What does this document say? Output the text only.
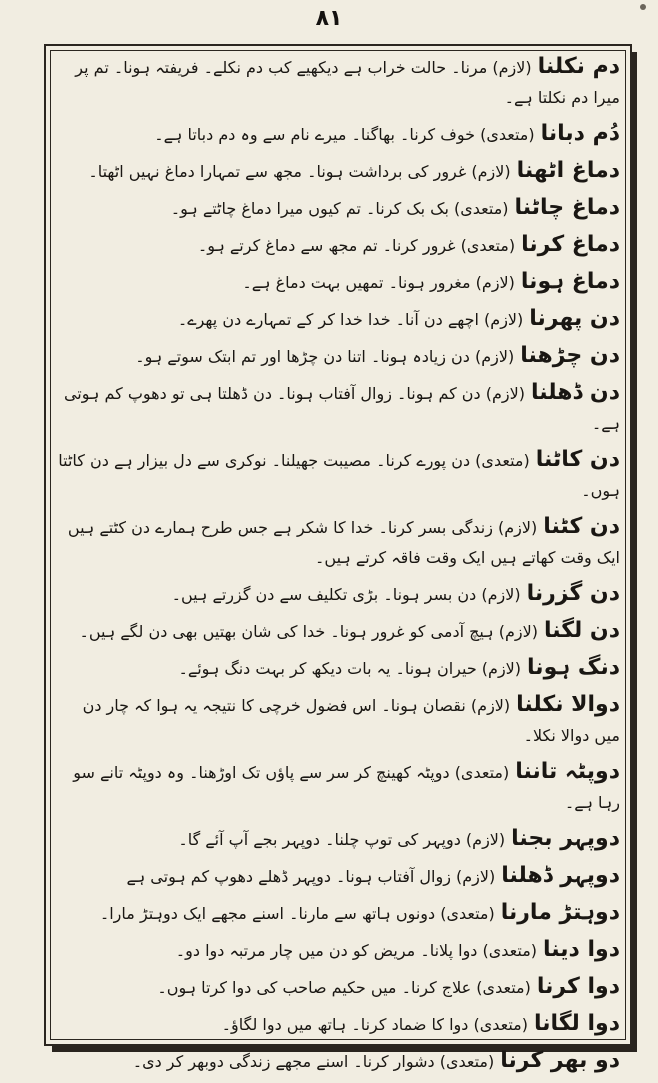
۸۱

دم نکلنا(لازم) مرنا۔ حالت خراب ہے دیکھیے کب دم نکلے۔ فریفتہ ہونا۔ تم پر میرا دم نکلتا ہے۔

دُم دبانا(متعدی) خوف کرنا۔ بھاگنا۔ میرے نام سے وہ دم دباتا ہے۔

دماغ اٹھنا(لازم) غرور کی برداشت ہونا۔ مجھ سے تمہارا دماغ نہیں اٹھتا۔

دماغ چاٹنا(متعدی) بک بک کرنا۔ تم کیوں میرا دماغ چاٹتے ہو۔

دماغ کرنا(متعدی) غرور کرنا۔ تم مجھ سے دماغ کرتے ہو۔

دماغ ہونا(لازم) مغرور ہونا۔ تمھیں بہت دماغ ہے۔

دن پھرنا(لازم) اچھے دن آنا۔ خدا خدا کر کے تمہارے دن پھرے۔

دن چڑھنا(لازم) دن زیادہ ہونا۔ اتنا دن چڑھا اور تم ابتک سوتے ہو۔

دن ڈھلنا(لازم) دن کم ہونا۔ زوال آفتاب ہونا۔ دن ڈھلتا ہی تو دھوپ کم ہوتی ہے۔

دن کاٹنا(متعدی) دن پورے کرنا۔ مصیبت جھیلنا۔ نوکری سے دل بیزار ہے دن کاٹتا ہوں۔

دن کٹنا(لازم) زندگی بسر کرنا۔ خدا کا شکر ہے جس طرح ہمارے دن کٹتے ہیں ایک وقت کھاتے ہیں ایک وقت فاقہ کرتے ہیں۔

دن گزرنا(لازم) دن بسر ہونا۔ بڑی تکلیف سے دن گزرتے ہیں۔

دن لگنا(لازم) ہیچ آدمی کو غرور ہونا۔ خدا کی شان بھتیں بھی دن لگے ہیں۔

دنگ ہونا(لازم) حیران ہونا۔ یہ بات دیکھ کر بہت دنگ ہوئے۔

دوالا نکلنا(لازم) نقصان ہونا۔ اس فضول خرچی کا نتیجہ یہ ہوا کہ چار دن میں دوالا نکلا۔

دوپٹہ تاننا(متعدی) دوپٹہ کھینچ کر سر سے پاؤں تک اوڑھنا۔ وہ دوپٹہ تانے سو رہا ہے۔

دوپہر بجنا(لازم) دوپہر کی توپ چلنا۔ دوپہر بجے آپ آئے گا۔

دوپہر ڈھلنا(لازم) زوال آفتاب ہونا۔ دوپہر ڈھلے دھوپ کم ہوتی ہے

دوہتڑ مارنا(متعدی) دونوں ہاتھ سے مارنا۔ اسنے مجھے ایک دوہتڑ مارا۔

دوا دینا(متعدی) دوا پلانا۔ مریض کو دن میں چار مرتبہ دوا دو۔

دوا کرنا(متعدی) علاج کرنا۔ میں حکیم صاحب کی دوا کرتا ہوں۔

دوا لگانا(متعدی) دوا کا ضماد کرنا۔ ہاتھ میں دوا لگاؤ۔

دو بھر کرنا(متعدی) دشوار کرنا۔ اسنے مجھے زندگی دوبھر کر دی۔
